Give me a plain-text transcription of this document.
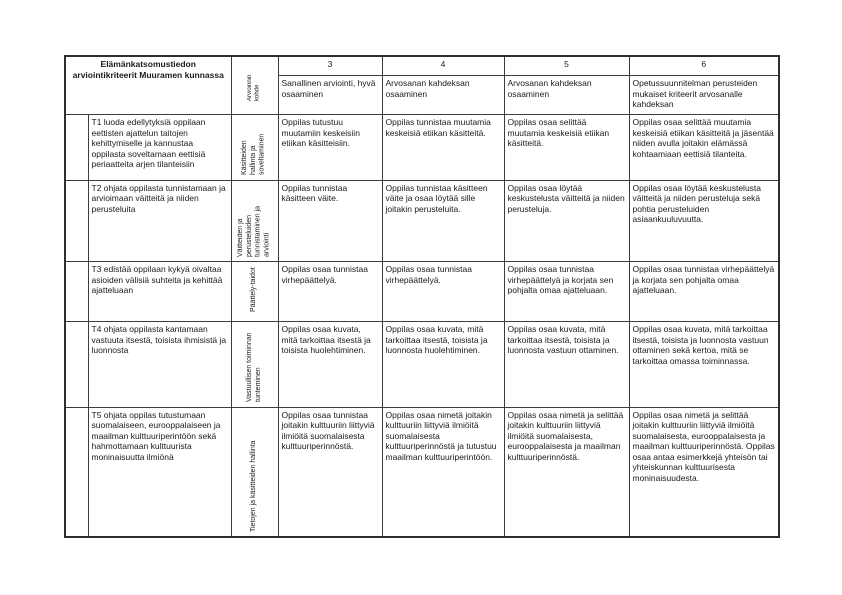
Elämänkatsomustiedon arviointikriteerit Muuramen kunnassa		Arvioinnin kohde	3	4	5	6
			Sanallinen arviointi, hyvä osaaminen	Arvosanan kahdeksan osaaminen	Arvosanan kahdeksan osaaminen	Opetussuunnitelman perusteiden mukaiset kriteerit arvosanalle kahdeksan
	T1 luoda edellytyksiä oppilaan eettisten ajattelun taitojen kehittymiselle ja kannustaa oppilasta soveltamaan eettisiä periaatteita arjen tilanteisiin	Käsitteiden hallinta ja soveltaminen	Oppilas tutustuu muutamiin keskeisiin etiikan käsitteisiin.	Oppilas tunnistaa muutamia keskeisiä etiikan käsitteitä.	Oppilas osaa selittää muutamia keskeisiä etiikan käsitteitä.	Oppilas osaa selittää muutamia keskeisiä etiikan käsitteitä ja jäsentää niiden avulla joitakin elämässä kohtaamiaan eettisiä tilanteita.
	T2 ohjata oppilasta tunnistamaan ja arvioimaan väitteitä ja niiden perusteluita	Väitteiden ja perusteluiden tunnistaminen ja arviointi	Oppilas tunnistaa käsitteen väite.	Oppilas tunnistaa käsitteen väite ja osaa löytää sille joitakin perusteluita.	Oppilas osaa löytää keskustelusta väitteitä ja niiden perusteluja.	Oppilas osaa löytää keskustelusta väitteitä ja niiden perusteluja sekä pohtia perusteluiden asiaankuuluvuutta.
	T3 edistää oppilaan kykyä oivaltaa asioiden välisiä suhteita ja kehittää ajatteluaan	Päättely-taidot	Oppilas osaa tunnistaa virhepäättelyä.	Oppilas osaa tunnistaa virhepäättelyä.	Oppilas osaa tunnistaa virhepäättelyä ja korjata sen pohjalta omaa ajatteluaan.	Oppilas osaa tunnistaa virhepäättelyä ja korjata sen pohjalta omaa ajatteluaan.
	T4 ohjata oppilasta kantamaan vastuuta itsestä, toisista ihmisistä ja luonnosta	Vastuullisen toiminnan tunteminen	Oppilas osaa kuvata, mitä tarkoittaa itsestä ja toisista huolehtiminen.	Oppilas osaa kuvata, mitä tarkoittaa itsestä, toisista ja luonnosta huolehtiminen.	Oppilas osaa kuvata, mitä tarkoittaa itsestä, toisista ja luonnosta vastuun ottaminen.	Oppilas osaa kuvata, mitä tarkoittaa itsestä, toisista ja luonnosta vastuun ottaminen sekä kertoa, mitä se tarkoittaa omassa toiminnassa.
	T5 ohjata oppilas tutustumaan suomalaiseen, eurooppalaiseen ja maailman kulttuuriperintöön sekä hahmottamaan kulttuurista moninaisuutta ilmiönä	Tietojen ja käsitteiden hallinta	Oppilas osaa tunnistaa joitakin kulttuuriin liittyviä ilmiöitä suomalaisesta kulttuuriperinnöstä.	Oppilas osaa nimetä joitakin kulttuuriin liittyviä ilmiöitä suomalaisesta kulttuuriperinnöstä ja tutustuu maailman kulttuuriperintöön.	Oppilas osaa nimetä ja selittää joitakin kulttuuriin liittyviä ilmiöitä suomalaisesta, eurooppalaisesta ja maailman kulttuuriperinnöstä.	Oppilas osaa nimetä ja selittää joitakin kulttuuriin liittyviä ilmiöitä suomalaisesta, eurooppalaisesta ja maailman kulttuuriperinnöstä. Oppilas osaa antaa esimerkkejä yhteisön tai yhteiskunnan kulttuurisesta moninaisuudesta.
